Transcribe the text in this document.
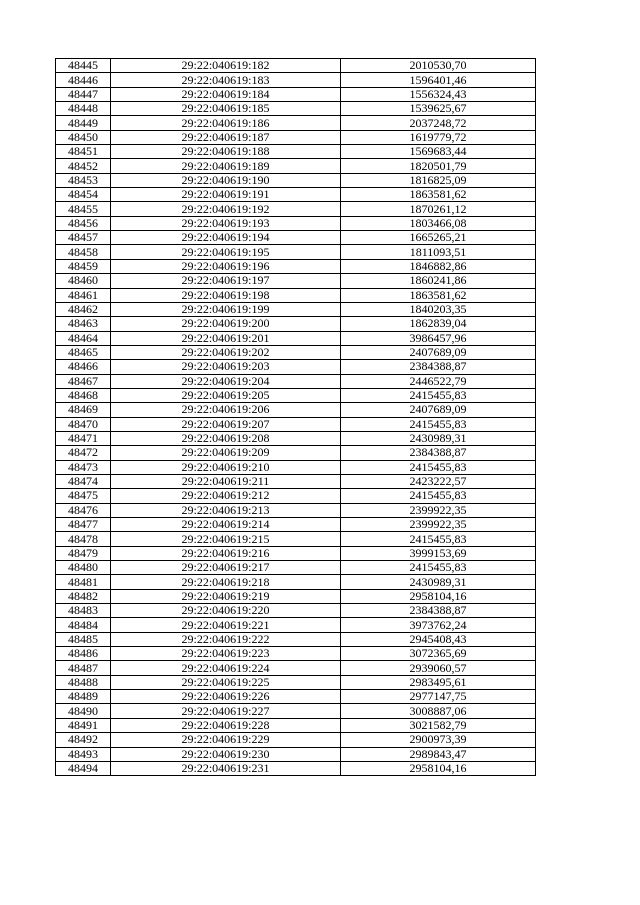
48445	29:22:040619:182	2010530,70
48446	29:22:040619:183	1596401,46
48447	29:22:040619:184	1556324,43
48448	29:22:040619:185	1539625,67
48449	29:22:040619:186	2037248,72
48450	29:22:040619:187	1619779,72
48451	29:22:040619:188	1569683,44
48452	29:22:040619:189	1820501,79
48453	29:22:040619:190	1816825,09
48454	29:22:040619:191	1863581,62
48455	29:22:040619:192	1870261,12
48456	29:22:040619:193	1803466,08
48457	29:22:040619:194	1665265,21
48458	29:22:040619:195	1811093,51
48459	29:22:040619:196	1846882,86
48460	29:22:040619:197	1860241,86
48461	29:22:040619:198	1863581,62
48462	29:22:040619:199	1840203,35
48463	29:22:040619:200	1862839,04
48464	29:22:040619:201	3986457,96
48465	29:22:040619:202	2407689,09
48466	29:22:040619:203	2384388,87
48467	29:22:040619:204	2446522,79
48468	29:22:040619:205	2415455,83
48469	29:22:040619:206	2407689,09
48470	29:22:040619:207	2415455,83
48471	29:22:040619:208	2430989,31
48472	29:22:040619:209	2384388,87
48473	29:22:040619:210	2415455,83
48474	29:22:040619:211	2423222,57
48475	29:22:040619:212	2415455,83
48476	29:22:040619:213	2399922,35
48477	29:22:040619:214	2399922,35
48478	29:22:040619:215	2415455,83
48479	29:22:040619:216	3999153,69
48480	29:22:040619:217	2415455,83
48481	29:22:040619:218	2430989,31
48482	29:22:040619:219	2958104,16
48483	29:22:040619:220	2384388,87
48484	29:22:040619:221	3973762,24
48485	29:22:040619:222	2945408,43
48486	29:22:040619:223	3072365,69
48487	29:22:040619:224	2939060,57
48488	29:22:040619:225	2983495,61
48489	29:22:040619:226	2977147,75
48490	29:22:040619:227	3008887,06
48491	29:22:040619:228	3021582,79
48492	29:22:040619:229	2900973,39
48493	29:22:040619:230	2989843,47
48494	29:22:040619:231	2958104,16
